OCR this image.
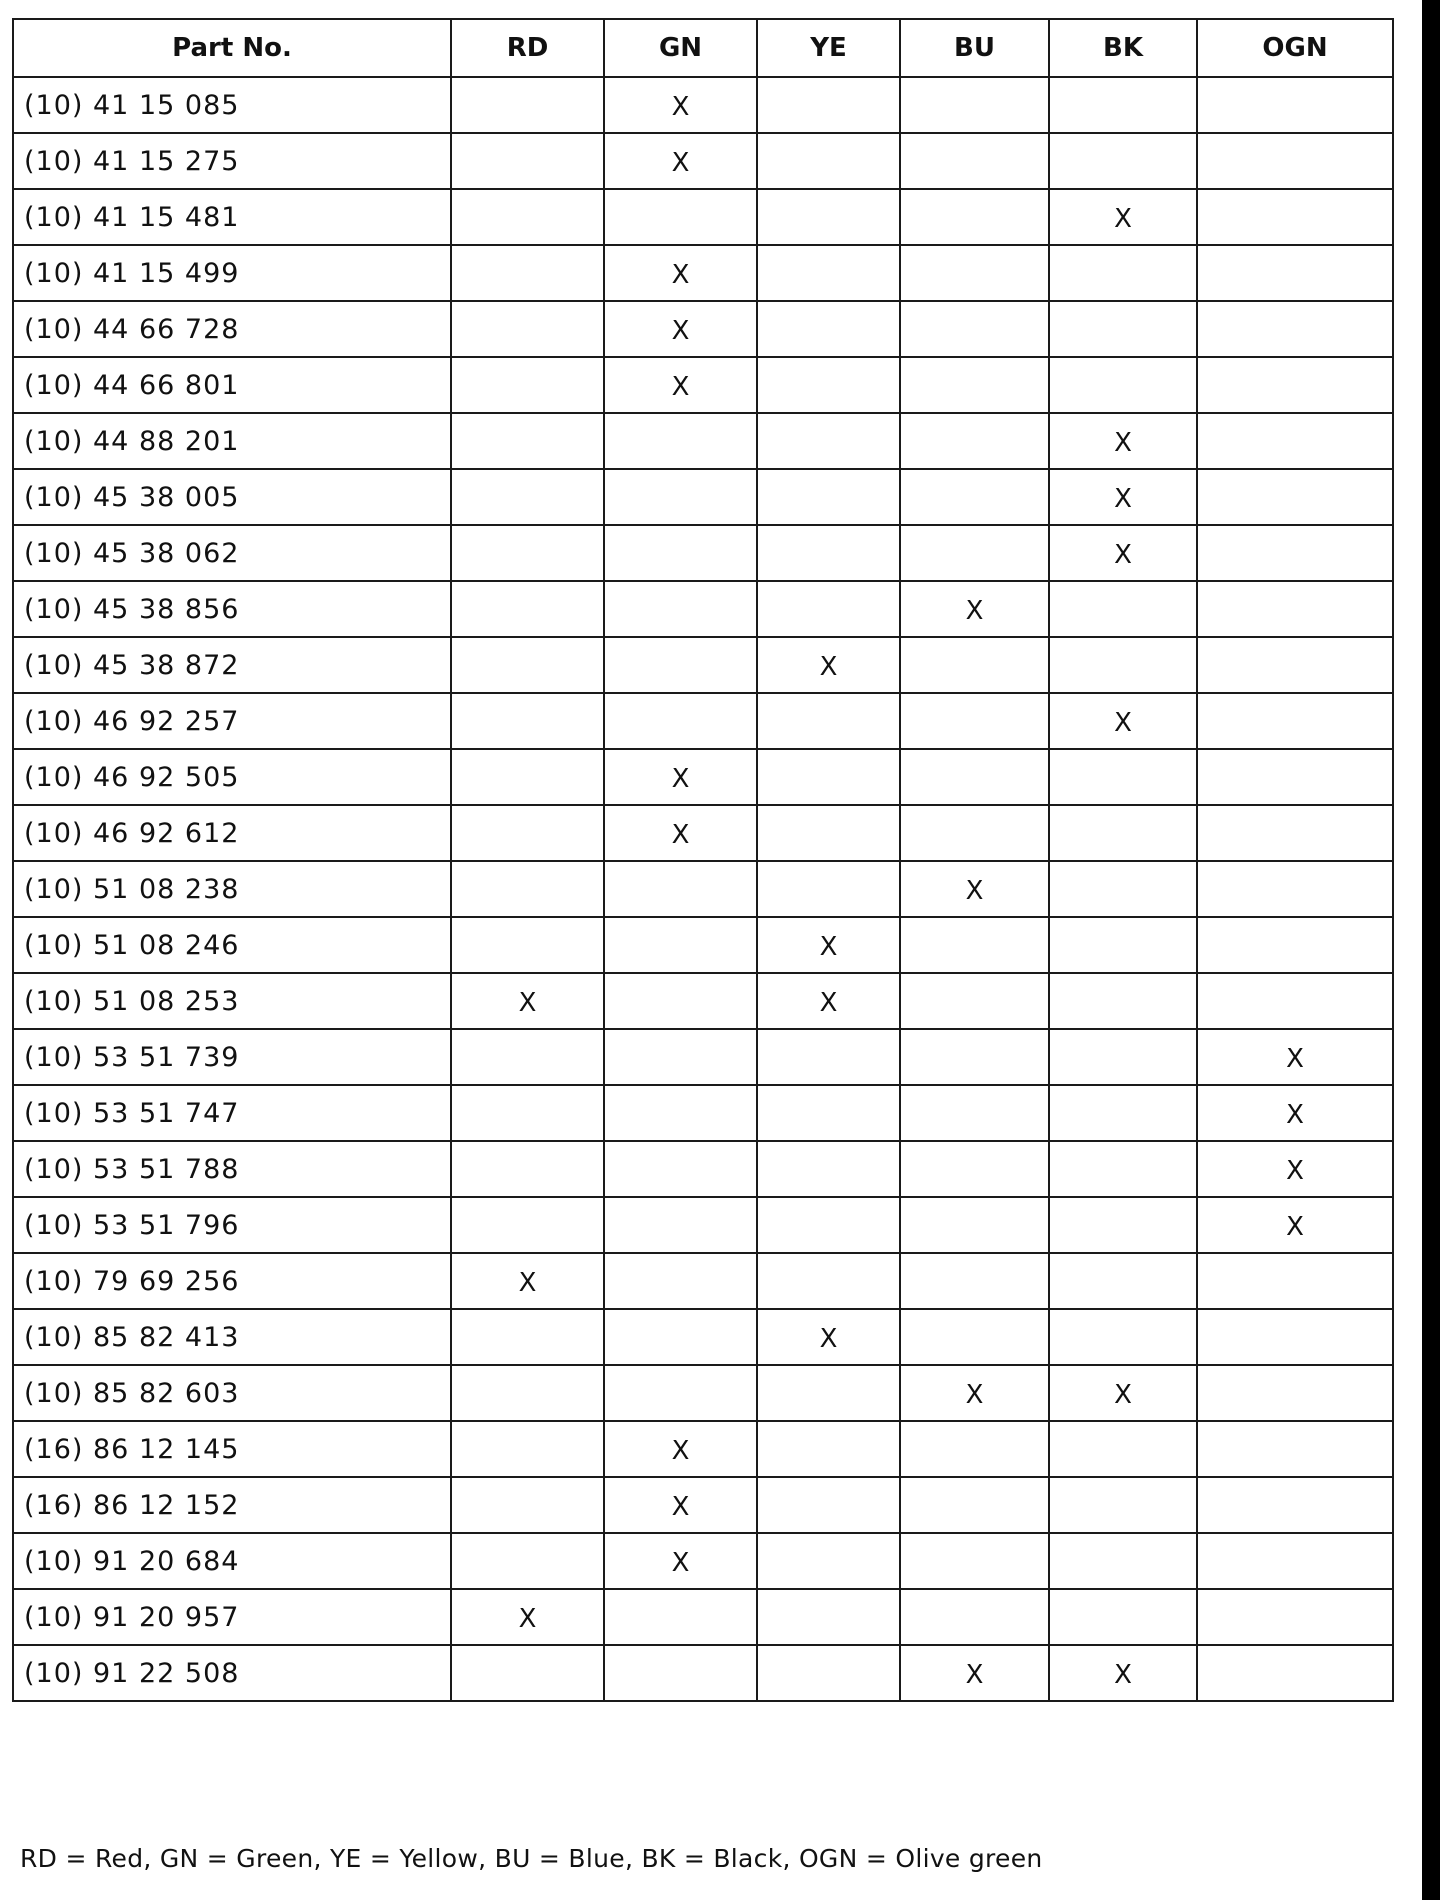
Part No.	RD	GN	YE	BU	BK	OGN
(10) 41 15 085		X				
(10) 41 15 275		X				
(10) 41 15 481					X	
(10) 41 15 499		X				
(10) 44 66 728		X				
(10) 44 66 801		X				
(10) 44 88 201					X	
(10) 45 38 005					X	
(10) 45 38 062					X	
(10) 45 38 856				X		
(10) 45 38 872			X			
(10) 46 92 257					X	
(10) 46 92 505		X				
(10) 46 92 612		X				
(10) 51 08 238				X		
(10) 51 08 246			X			
(10) 51 08 253	X		X			
(10) 53 51 739						X
(10) 53 51 747						X
(10) 53 51 788						X
(10) 53 51 796						X
(10) 79 69 256	X					
(10) 85 82 413			X			
(10) 85 82 603				X	X	
(16) 86 12 145		X				
(16) 86 12 152		X				
(10) 91 20 684		X				
(10) 91 20 957	X					
(10) 91 22 508				X	X	
RD = Red, GN = Green, YE = Yellow, BU = Blue, BK = Black, OGN = Olive green
